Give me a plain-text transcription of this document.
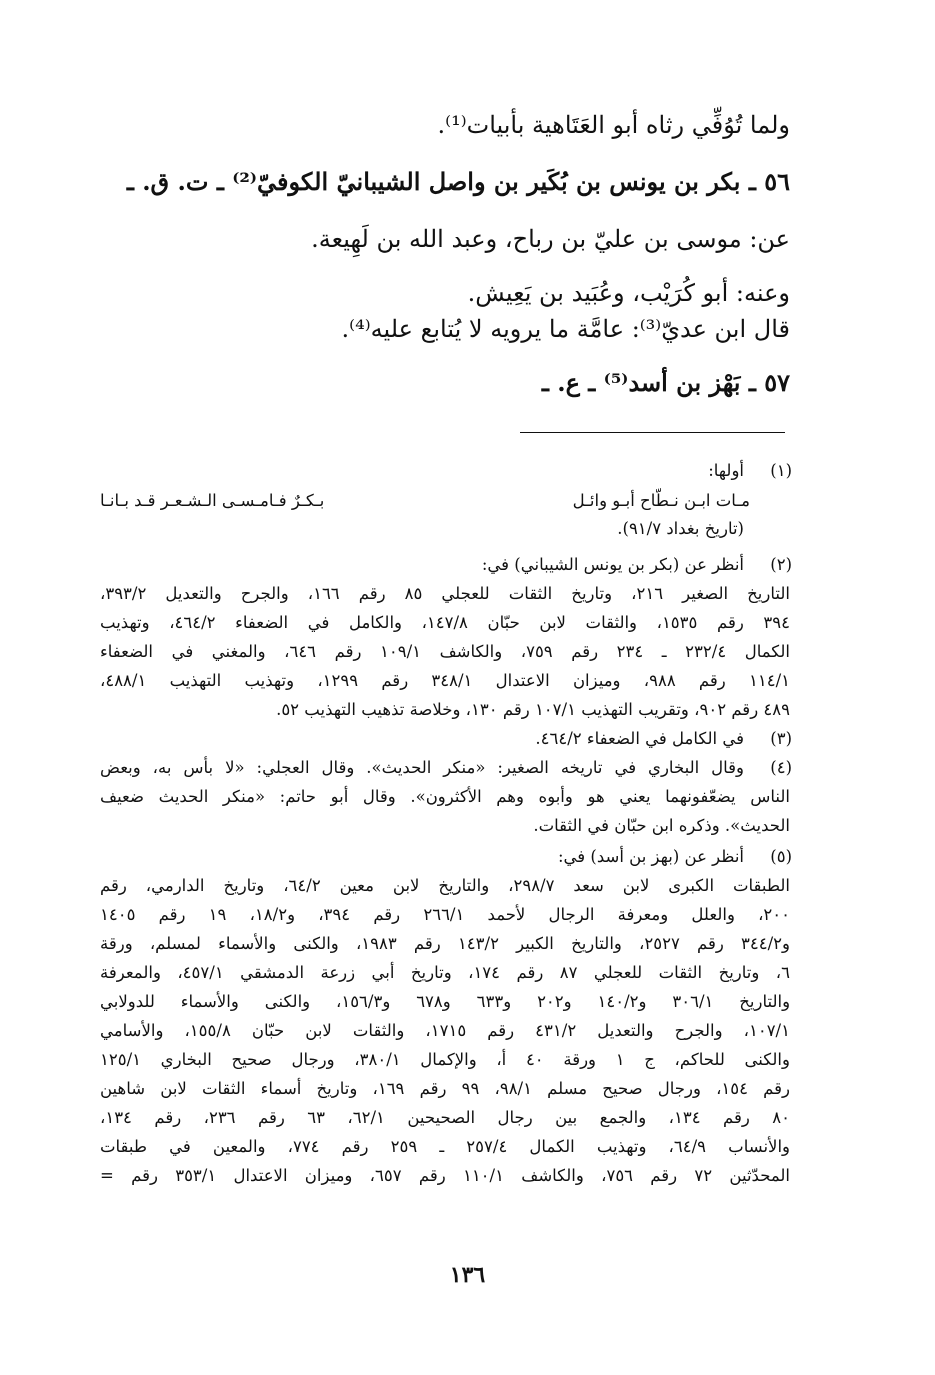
ولما تُوُفِّي رثاه أبو العَتَاهية بأبيات⁽¹⁾.
٥٦ ـ بكر بن يونس بن بُكَير بن واصل الشيبانيّ الكوفيّ⁽²⁾ ـ ت. ق. ـ
عن: موسى بن عليّ بن رباح، وعبد الله بن لَهِيعة.
وعنه: أبو كُرَيْب، وعُبَيد بن يَعِيش.
قال ابن عديّ⁽³⁾: عامَّة ما يرويه لا يُتابع عليه⁽⁴⁾.
٥٧ ـ بَهْز بن أسد⁽⁵⁾ ـ ع. ـ
(١)
أولها:
مـات ابـن نـطّاح أبـو وائـل
بـكـرٌ فـامـسـى الـشـعـر قـد بـانـا
(تاريخ بغداد ٩١/٧).
(٢)
أنظر عن (بكر بن يونس الشيباني) في:
التاريخ الصغير ٢١٦، وتاريخ الثقات للعجلي ٨٥ رقم ١٦٦، والجرح والتعديل ٣٩٣/٢،
٣٩٤ رقم ١٥٣٥، والثقات لابن حبّان ١٤٧/٨، والكامل في الضعفاء ٤٦٤/٢، وتهذيب
الكمال ٢٣٢/٤ ـ ٢٣٤ رقم ٧٥٩، والكاشف ١٠٩/١ رقم ٦٤٦، والمغني في الضعفاء
١١٤/١ رقم ٩٨٨، وميزان الاعتدال ٣٤٨/١ رقم ١٢٩٩، وتهذيب التهذيب ٤٨٨/١،
٤٨٩ رقم ٩٠٢، وتقريب التهذيب ١٠٧/١ رقم ١٣٠، وخلاصة تذهيب التهذيب ٥٢.
(٣)
في الكامل في الضعفاء ٤٦٤/٢.
(٤)
وقال البخاري في تاريخه الصغير: «منكر الحديث». وقال العجلي: «لا بأس به، وبعض
الناس يضعّفونهما يعني هو وأبوه وهم الأكثرون». وقال أبو حاتم: «منكر الحديث ضعيف
الحديث». وذكره ابن حبّان في الثقات.
(٥)
أنظر عن (بهز بن أسد) في:
الطبقات الكبرى لابن سعد ٢٩٨/٧، والتاريخ لابن معين ٦٤/٢، وتاريخ الدارمي، رقم
٢٠٠، والعلل ومعرفة الرجال لأحمد ٢٦٦/١ رقم ٣٩٤، و١٨/٢، ١٩ رقم ١٤٠٥
و٣٤٤/٢ رقم ٢٥٢٧، والتاريخ الكبير ١٤٣/٢ رقم ١٩٨٣، والكنى والأسماء لمسلم، ورقة
٦، وتاريخ الثقات للعجلي ٨٧ رقم ١٧٤، وتاريخ أبي زرعة الدمشقي ٤٥٧/١، والمعرفة
والتاريخ ٣٠٦/١ و١٤٠/٢ و٢٠٢ و٦٣٣ و٦٧٨ و١٥٦/٣، والكنى والأسماء للدولابي
١٠٧/١، والجرح والتعديل ٤٣١/٢ رقم ١٧١٥، والثقات لابن حبّان ١٥٥/٨، والأسامي
والكنى للحاكم، ج ١ ورقة ٤٠ أ، والإكمال ٣٨٠/١، ورجال صحيح البخاري ١٢٥/١
رقم ١٥٤، ورجال صحيح مسلم ٩٨/١، ٩٩ رقم ١٦٩، وتاريخ أسماء الثقات لابن شاهين
٨٠ رقم ١٣٤، والجمع بين رجال الصحيحين ٦٢/١، ٦٣ رقم ٢٣٦، رقم ١٣٤،
والأنساب ٦٤/٩، وتهذيب الكمال ٢٥٧/٤ ـ ٢٥٩ رقم ٧٧٤، والمعين في طبقات
المحدّثين ٧٢ رقم ٧٥٦، والكاشف ١١٠/١ رقم ٦٥٧، وميزان الاعتدال ٣٥٣/١ رقم =
١٣٦
